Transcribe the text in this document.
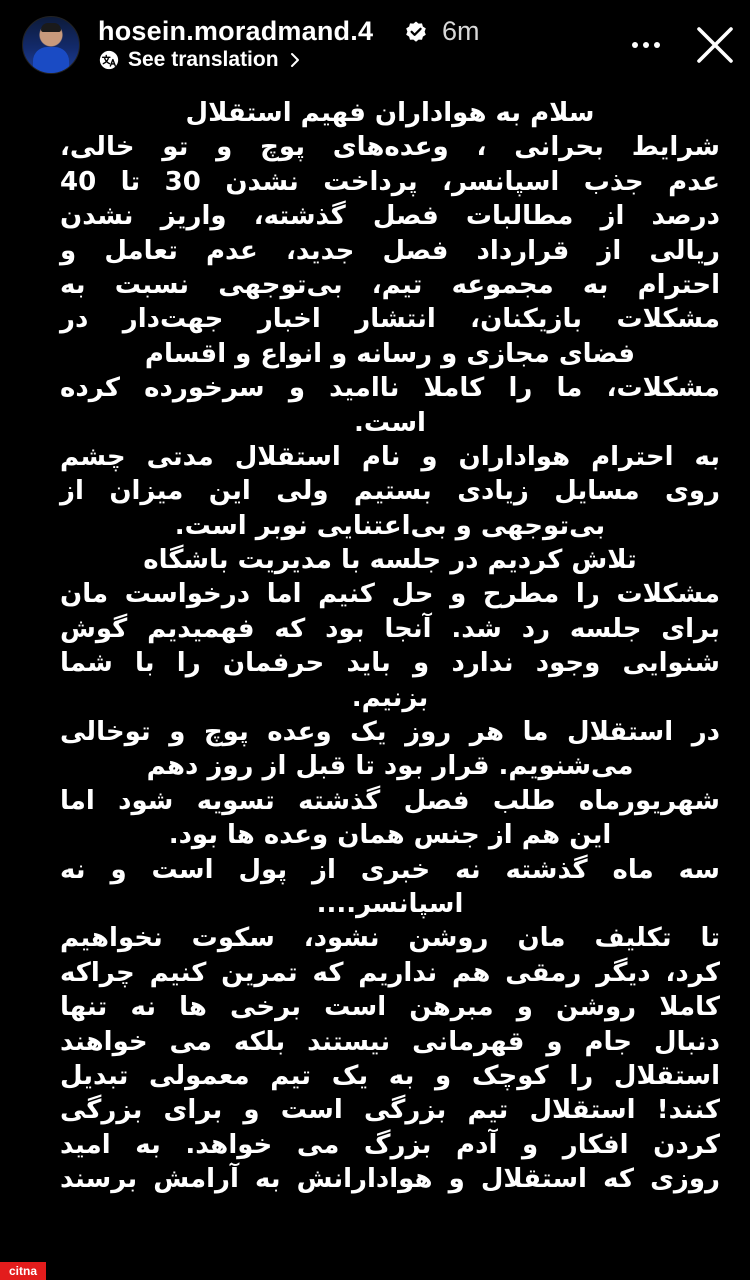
hosein.moradmand.4	6m
See translation
سلام به هواداران فهیم استقلال
شرایط بحرانی ، وعده‌های پوچ و تو خالی،
عدم جذب اسپانسر، پرداخت نشدن 30 تا 40
درصد از مطالبات فصل گذشته، واریز نشدن
ریالی از قرارداد فصل جدید، عدم تعامل و
احترام به مجموعه تیم، بی‌توجهی نسبت به
مشکلات بازیکنان، انتشار اخبار جهت‌دار در
فضای مجازی و رسانه و انواع و اقسام
مشکلات، ما را کاملا ناامید و سرخورده کرده
است.
به احترام هواداران و نام استقلال مدتی چشم
روی مسایل زیادی بستیم ولی این میزان از
بی‌توجهی و بی‌اعتنایی نوبر است.
تلاش کردیم در جلسه با مدیریت باشگاه
مشکلات را مطرح و حل کنیم اما درخواست مان
برای جلسه رد شد. آنجا بود که فهمیدیم گوش
شنوایی وجود ندارد و باید حرفمان را با شما
بزنیم.
در استقلال ما هر روز یک وعده پوچ و توخالی
می‌شنویم. قرار بود تا قبل از روز دهم
شهریورماه طلب فصل گذشته تسویه شود اما
این هم از جنس همان وعده ها بود.
سه ماه گذشته نه خبری از پول است و نه
اسپانسر....
تا تکلیف مان روشن نشود، سکوت نخواهیم
کرد، دیگر رمقی هم نداریم که تمرین کنیم چراکه
کاملا روشن و مبرهن است برخی ها نه تنها
دنبال جام و قهرمانی نیستند بلکه می خواهند
استقلال را کوچک و به یک تیم معمولی تبدیل
کنند! استقلال تیم بزرگی است و برای بزرگی
کردن افکار و آدم بزرگ می خواهد. به امید
روزی که استقلال و هوادارانش به آرامش برسند
citna
